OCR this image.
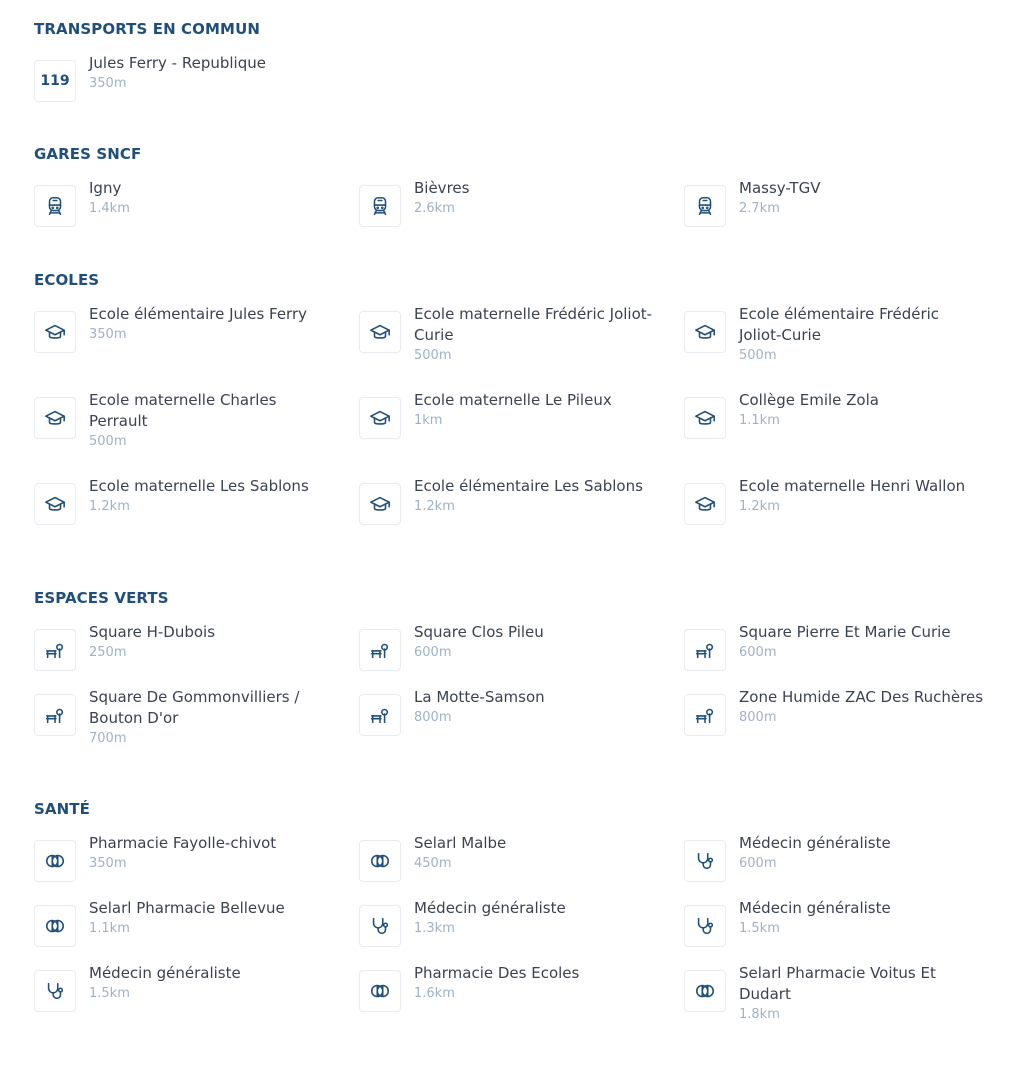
TRANSPORTS EN COMMUN
119
Jules Ferry - Republique
350m
GARES SNCF
Igny
1.4km
Bièvres
2.6km
Massy-TGV
2.7km
ECOLES
Ecole élémentaire Jules Ferry
350m
Ecole maternelle Frédéric Joliot-Curie
500m
Ecole élémentaire Frédéric Joliot-Curie
500m
Ecole maternelle Charles Perrault
500m
Ecole maternelle Le Pileux
1km
Collège Emile Zola
1.1km
Ecole maternelle Les Sablons
1.2km
Ecole élémentaire Les Sablons
1.2km
Ecole maternelle Henri Wallon
1.2km
ESPACES VERTS
Square H-Dubois
250m
Square Clos Pileu
600m
Square Pierre Et Marie Curie
600m
Square De Gommonvilliers / Bouton D'or
700m
La Motte-Samson
800m
Zone Humide ZAC Des Ruchères
800m
SANTÉ
Pharmacie Fayolle-chivot
350m
Selarl Malbe
450m
Médecin généraliste
600m
Selarl Pharmacie Bellevue
1.1km
Médecin généraliste
1.3km
Médecin généraliste
1.5km
Médecin généraliste
1.5km
Pharmacie Des Ecoles
1.6km
Selarl Pharmacie Voitus Et Dudart
1.8km
